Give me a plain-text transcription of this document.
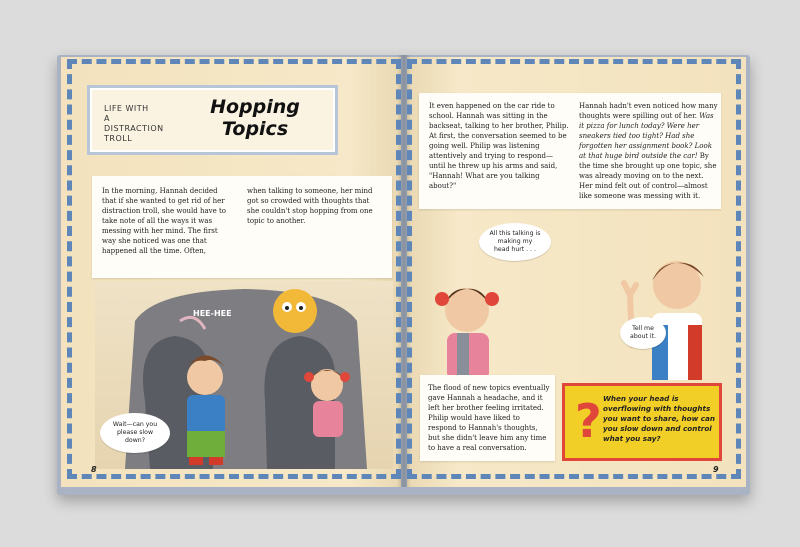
LIFE WITH
A DISTRACTION
TROLL
Hopping
Topics
In the morning, Hannah decided that if she wanted to get rid of her distraction troll, she would have to take note of all the ways it was messing with her mind. The first way she noticed was one that happened all the time. Often,
when talking to someone, her mind got so crowded with thoughts that she couldn't stop hopping from one topic to another.
HEE-HEE
Wait—can you please slow down?
It even happened on the car ride to school. Hannah was sitting in the backseat, talking to her brother, Philip. At first, the conversation seemed to be going well. Philip was listening attentively and trying to respond—until he threw up his arms and said, "Hannah! What are you talking about?"
Hannah hadn't even noticed how many thoughts were spilling out of her. Was it pizza for lunch today? Were her sneakers tied too tight? Had she forgotten her assignment book? Look at that huge bird outside the car! By the time she brought up one topic, she was already moving on to the next. Her mind felt out of control—almost like someone was messing with it.
All this talking is making my head hurt . . .
Tell me about it.
The flood of new topics eventually gave Hannah a headache, and it left her brother feeling irritated. Philip would have liked to respond to Hannah's thoughts, but she didn't leave him any time to have a real conversation.	? When your head is overflowing with thoughts you want to share, how can you slow down and control what you say?
8	9
